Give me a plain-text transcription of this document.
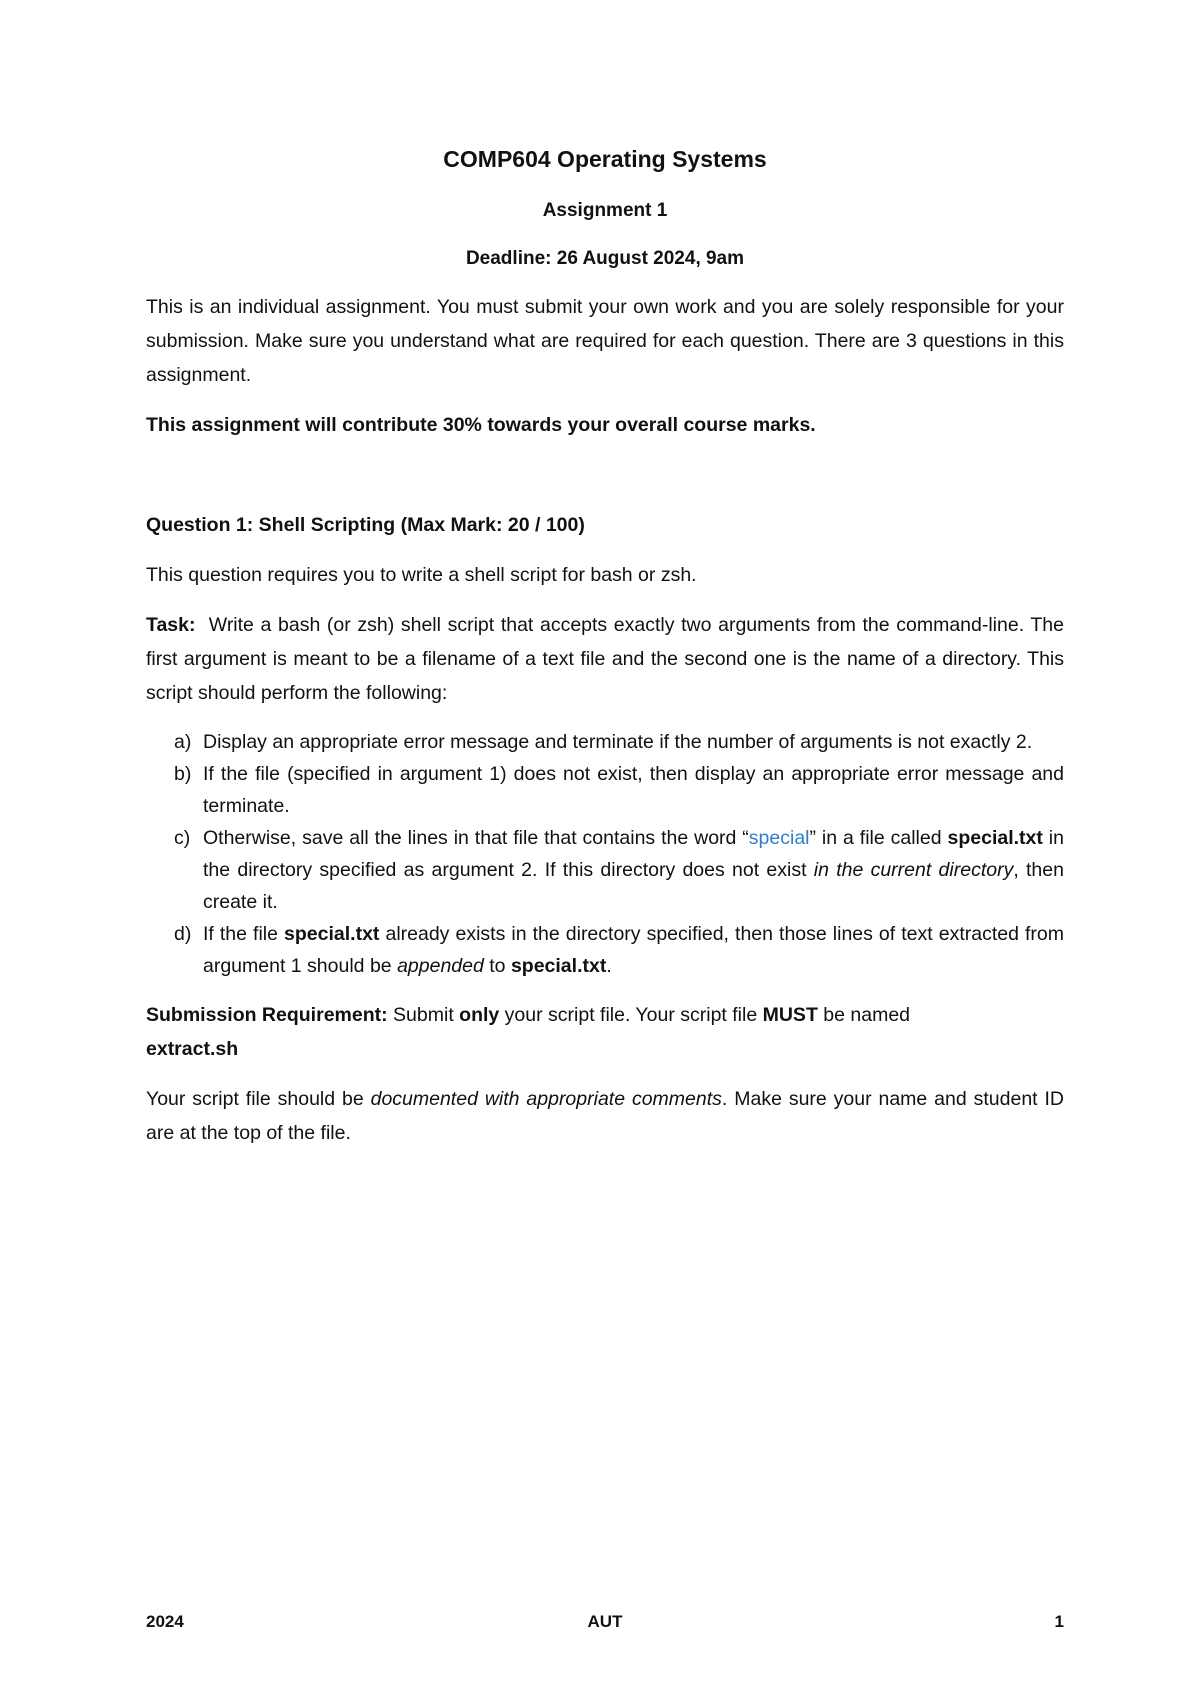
COMP604 Operating Systems
Assignment 1
Deadline: 26 August 2024, 9am

This is an individual assignment. You must submit your own work and you are solely responsible for your submission. Make sure you understand what are required for each question. There are 3 questions in this assignment.

This assignment will contribute 30% towards your overall course marks.

Question 1: Shell Scripting (Max Mark: 20 / 100)

This question requires you to write a shell script for bash or zsh.

Task:  Write a bash (or zsh) shell script that accepts exactly two arguments from the command-line. The first argument is meant to be a filename of a text file and the second one is the name of a directory. This script should perform the following:

a) Display an appropriate error message and terminate if the number of arguments is not exactly 2.
b) If the file (specified in argument 1) does not exist, then display an appropriate error message and terminate.
c) Otherwise, save all the lines in that file that contains the word “special” in a file called special.txt in the directory specified as argument 2. If this directory does not exist in the current directory, then create it.
d) If the file special.txt already exists in the directory specified, then those lines of text extracted from argument 1 should be appended to special.txt.

Submission Requirement: Submit only your script file. Your script file MUST be named
extract.sh

Your script file should be documented with appropriate comments. Make sure your name and student ID are at the top of the file.

2024	AUT	1
